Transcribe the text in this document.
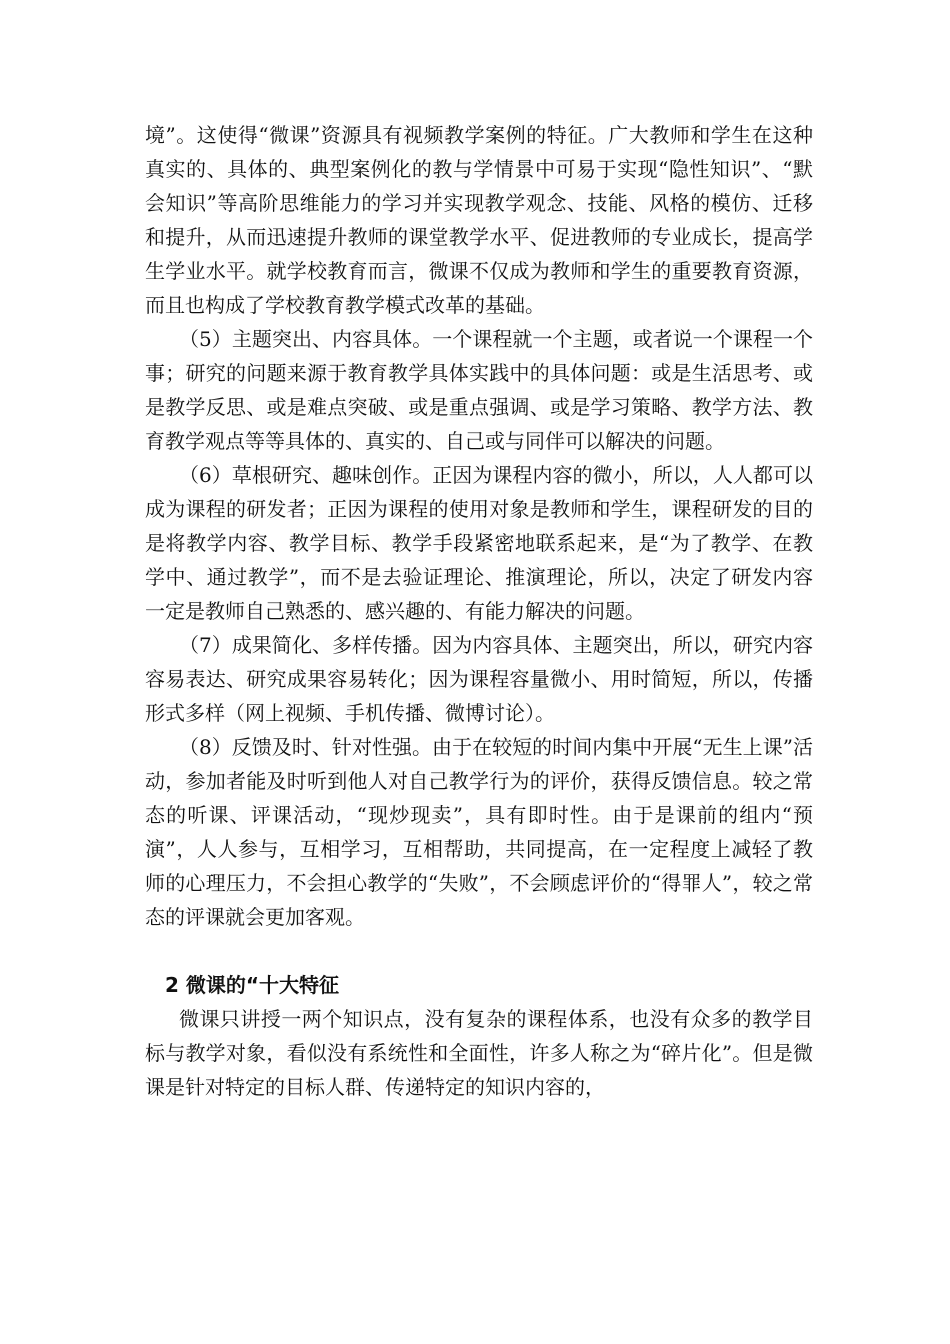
境”。这使得“微课”资源具有视频教学案例的特征。广大教师和学生在这种真实的、具体的、典型案例化的教与学情景中可易于实现“隐性知识”、“默会知识”等高阶思维能力的学习并实现教学观念、技能、风格的模仿、迁移和提升，从而迅速提升教师的课堂教学水平、促进教师的专业成长，提高学生学业水平。就学校教育而言，微课不仅成为教师和学生的重要教育资源，而且也构成了学校教育教学模式改革的基础。

（5）主题突出、内容具体。一个课程就一个主题，或者说一个课程一个事；研究的问题来源于教育教学具体实践中的具体问题：或是生活思考、或是教学反思、或是难点突破、或是重点强调、或是学习策略、教学方法、教育教学观点等等具体的、真实的、自己或与同伴可以解决的问题。

（6）草根研究、趣味创作。正因为课程内容的微小，所以，人人都可以成为课程的研发者；正因为课程的使用对象是教师和学生，课程研发的目的是将教学内容、教学目标、教学手段紧密地联系起来，是“为了教学、在教学中、通过教学”，而不是去验证理论、推演理论，所以，决定了研发内容一定是教师自己熟悉的、感兴趣的、有能力解决的问题。

（7）成果简化、多样传播。因为内容具体、主题突出，所以，研究内容容易表达、研究成果容易转化；因为课程容量微小、用时简短，所以，传播形式多样（网上视频、手机传播、微博讨论）。

（8）反馈及时、针对性强。由于在较短的时间内集中开展“无生上课”活动，参加者能及时听到他人对自己教学行为的评价，获得反馈信息。较之常态的听课、评课活动，“现炒现卖”，具有即时性。由于是课前的组内“预演”，人人参与，互相学习，互相帮助，共同提高，在一定程度上减轻了教师的心理压力，不会担心教学的“失败”，不会顾虑评价的“得罪人”，较之常态的评课就会更加客观。

2 微课的“十大特征

微课只讲授一两个知识点，没有复杂的课程体系，也没有众多的教学目标与教学对象，看似没有系统性和全面性，许多人称之为“碎片化”。但是微课是针对特定的目标人群、传递特定的知识内容的，
